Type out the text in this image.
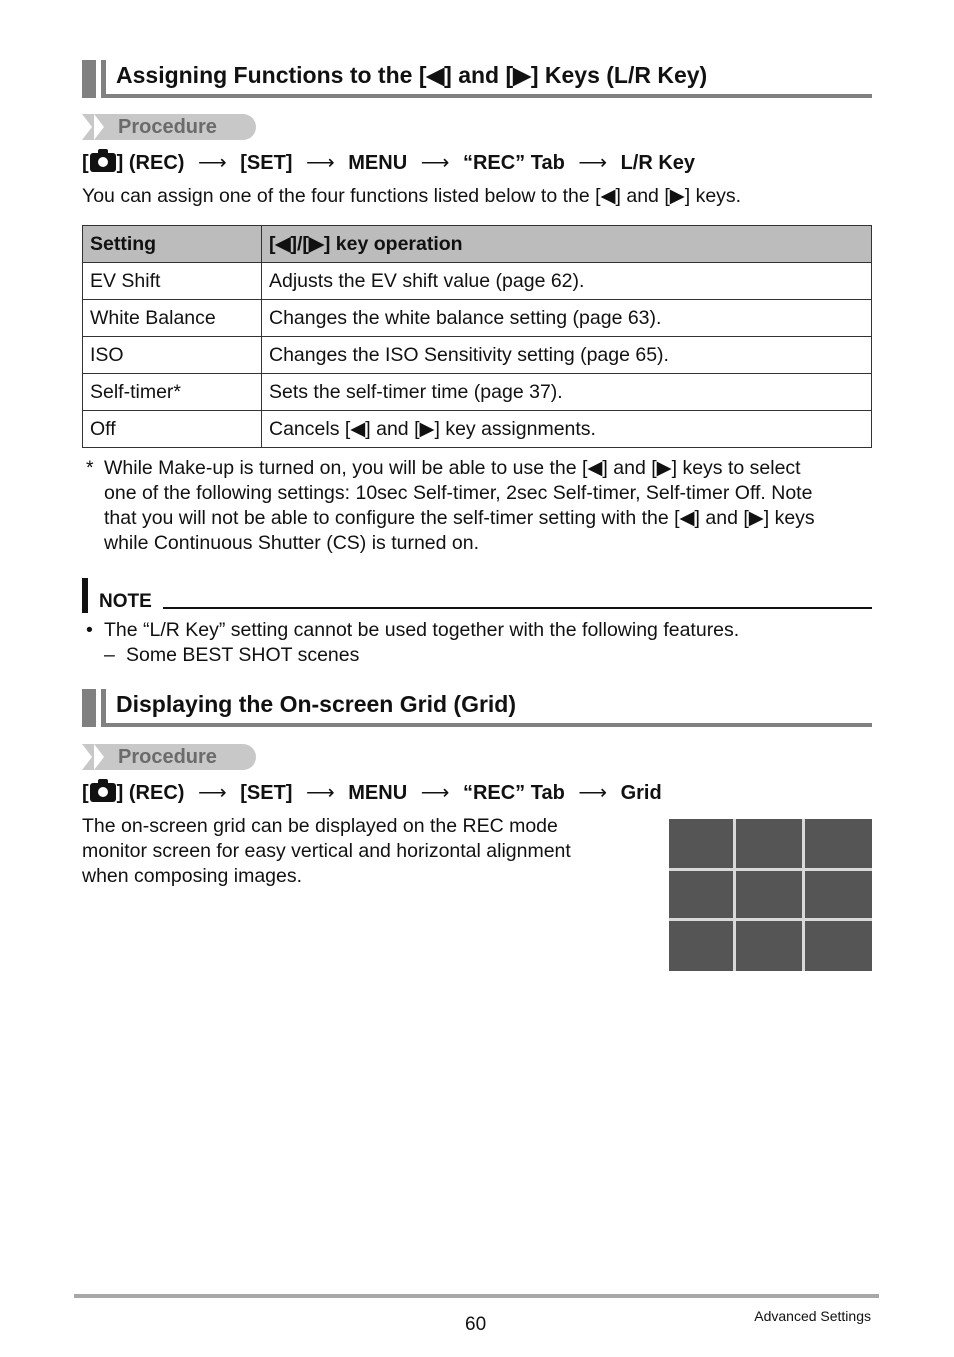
Assigning Functions to the [◀] and [▶] Keys (L/R Key)
Procedure
[ ] (REC) ⟶ [SET] ⟶ MENU ⟶ “REC” Tab ⟶ L/R Key
You can assign one of the four functions listed below to the [◀] and [▶] keys.
Setting	[◀]/[▶] key operation
EV Shift	Adjusts the EV shift value (page 62).
White Balance	Changes the white balance setting (page 63).
ISO	Changes the ISO Sensitivity setting (page 65).
Self-timer*	Sets the self-timer time (page 37).
Off	Cancels [◀] and [▶] key assignments.
* While Make-up is turned on, you will be able to use the [◀] and [▶] keys to select
one of the following settings: 10sec Self-timer, 2sec Self-timer, Self-timer Off. Note
that you will not be able to configure the self-timer setting with the [◀] and [▶] keys
while Continuous Shutter (CS) is turned on.
NOTE
• The “L/R Key” setting cannot be used together with the following features.
– Some BEST SHOT scenes
Displaying the On-screen Grid (Grid)
Procedure
[ ] (REC) ⟶ [SET] ⟶ MENU ⟶ “REC” Tab ⟶ Grid
The on-screen grid can be displayed on the REC mode
monitor screen for easy vertical and horizontal alignment
when composing images.
60	Advanced Settings
